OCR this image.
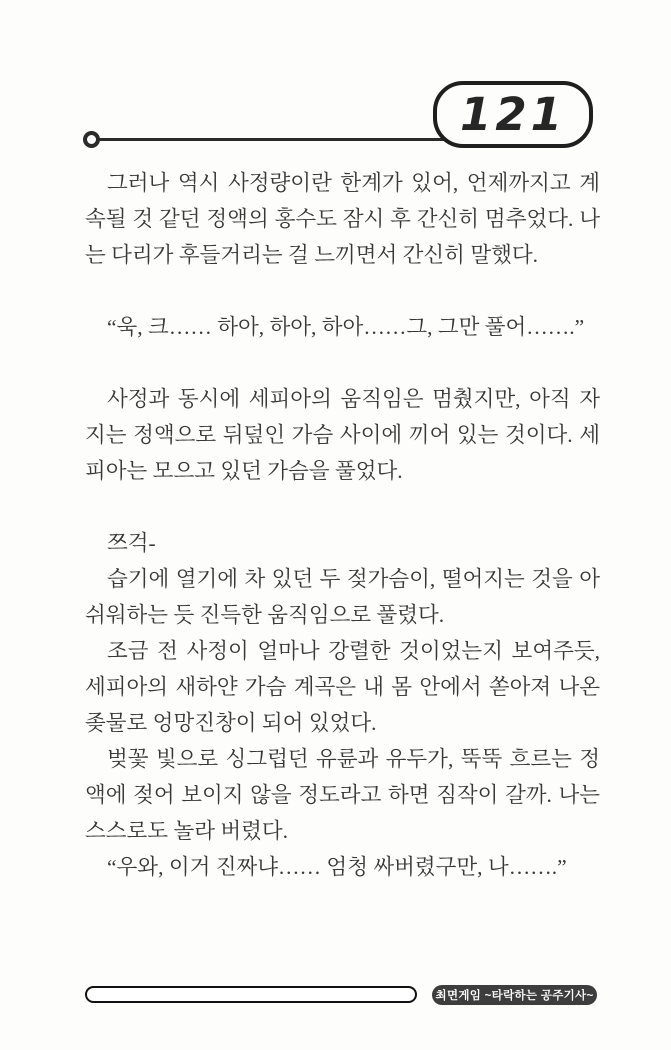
121

그러나 역시 사정량이란 한계가 있어, 언제까지고 계속될 것 같던 정액의 홍수도 잠시 후 간신히 멈추었다. 나는 다리가 후들거리는 걸 느끼면서 간신히 말했다.

“욱, 크…… 하아, 하아, 하아……그, 그만 풀어…….”

사정과 동시에 세피아의 움직임은 멈췄지만, 아직 자지는 정액으로 뒤덮인 가슴 사이에 끼어 있는 것이다. 세피아는 모으고 있던 가슴을 풀었다.

쯔걱-

습기에 열기에 차 있던 두 젖가슴이, 떨어지는 것을 아쉬워하는 듯 진득한 움직임으로 풀렸다.

조금 전 사정이 얼마나 강렬한 것이었는지 보여주듯, 세피아의 새하얀 가슴 계곡은 내 몸 안에서 쏟아져 나온 좆물로 엉망진창이 되어 있었다.

벚꽃 빛으로 싱그럽던 유륜과 유두가, 뚝뚝 흐르는 정액에 젖어 보이지 않을 정도라고 하면 짐작이 갈까. 나는 스스로도 놀라 버렸다.

“우와, 이거 진짜냐…… 엄청 싸버렸구만, 나…….”

최면게임 ~타락하는 공주기사~
